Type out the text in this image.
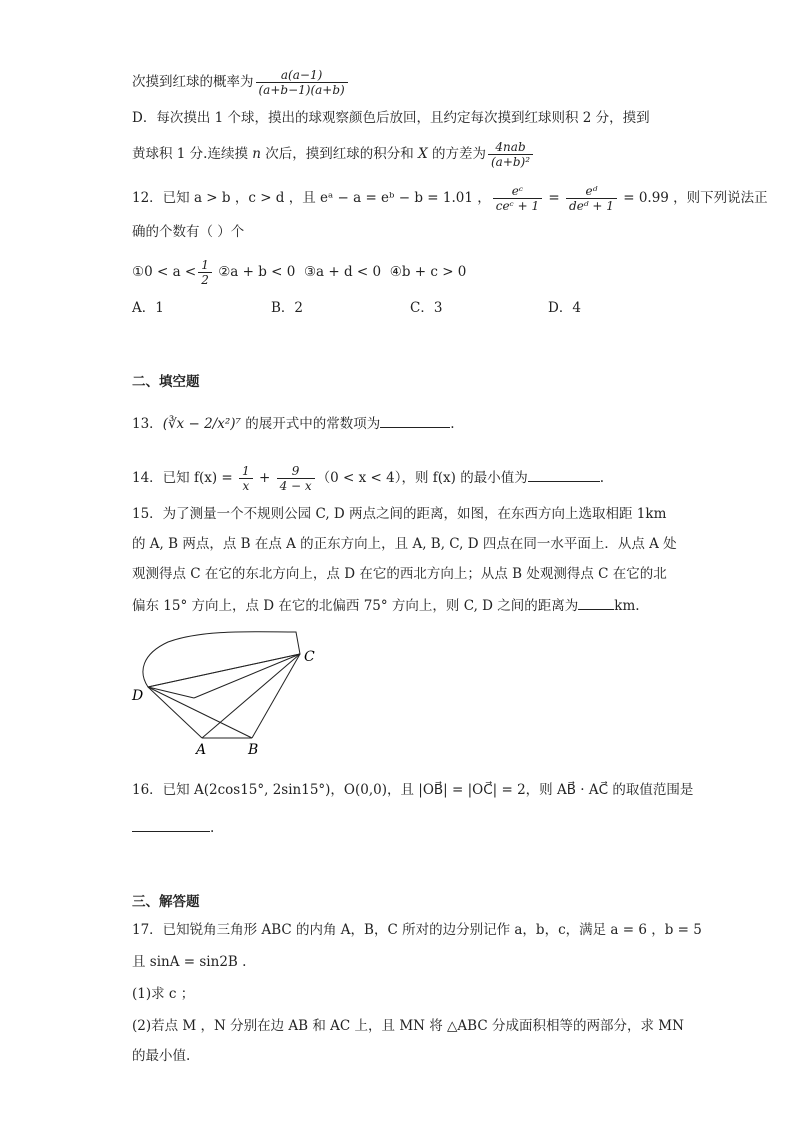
次摸到红球的概率为 $\frac{a(a-1)}{(a+b-1)(a+b)}$
D．每次摸出 1 个球，摸出的球观察颜色后放回，且约定每次摸到红球则积 2 分，摸到
黄球积 1 分.连续摸 n 次后，摸到红球的积分和 X 的方差为 $\frac{\text{4nab}}{\text{(a+b)²}}$
12．已知 a > b ，c > d ，且 eᵃ − a = eᵇ − b = 1.01 ， $\frac{\text{eᶜ}}{\text{ceᶜ + 1}} = \frac{\text{eᵈ}}{\text{deᵈ + 1}} = 0.99$ ，则下列说法正
确的个数有（ ）个
①0 < $a < \frac{1}{2}$ ②a + b < 0 ③a + d < 0 ④b + c > 0
A．1	B．2	C．3	D．4
二、填空题
13．(∛x − 2/x²)⁷ 的展开式中的常数项为	.
14．已知 $f(x) = \frac{1}{x} + \frac{9}{4 - x} (0 < x < 4)$，则 f(x) 的最小值为	.
15．为了测量一个不规则公园 C, D 两点之间的距离，如图，在东西方向上选取相距 1km
的 A, B 两点，点 B 在点 A 的正东方向上，且 A, B, C, D 四点在同一水平面上．从点 A 处
观测得点 C 在它的东北方向上，点 D 在它的西北方向上；从点 B 处观测得点 C 在它的北
偏东 15° 方向上，点 D 在它的北偏西 75° 方向上，则 C, D 之间的距离为	km.
C
D
A	B
16．已知 A(2cos15°, 2sin15°)，O(0,0)，且 |OB⃗| = |OC⃗| = 2，则 AB⃗ · AC⃗ 的取值范围是
.
三、解答题
17．已知锐角三角形 ABC 的内角 A，B，C 所对的边分别记作 a，b，c，满足 a = 6 ，b = 5
且 sinA = sin2B .
(1)求 c ；
(2)若点 M ，N 分别在边 AB 和 AC 上，且 MN 将 △ABC 分成面积相等的两部分，求 MN
的最小值.
